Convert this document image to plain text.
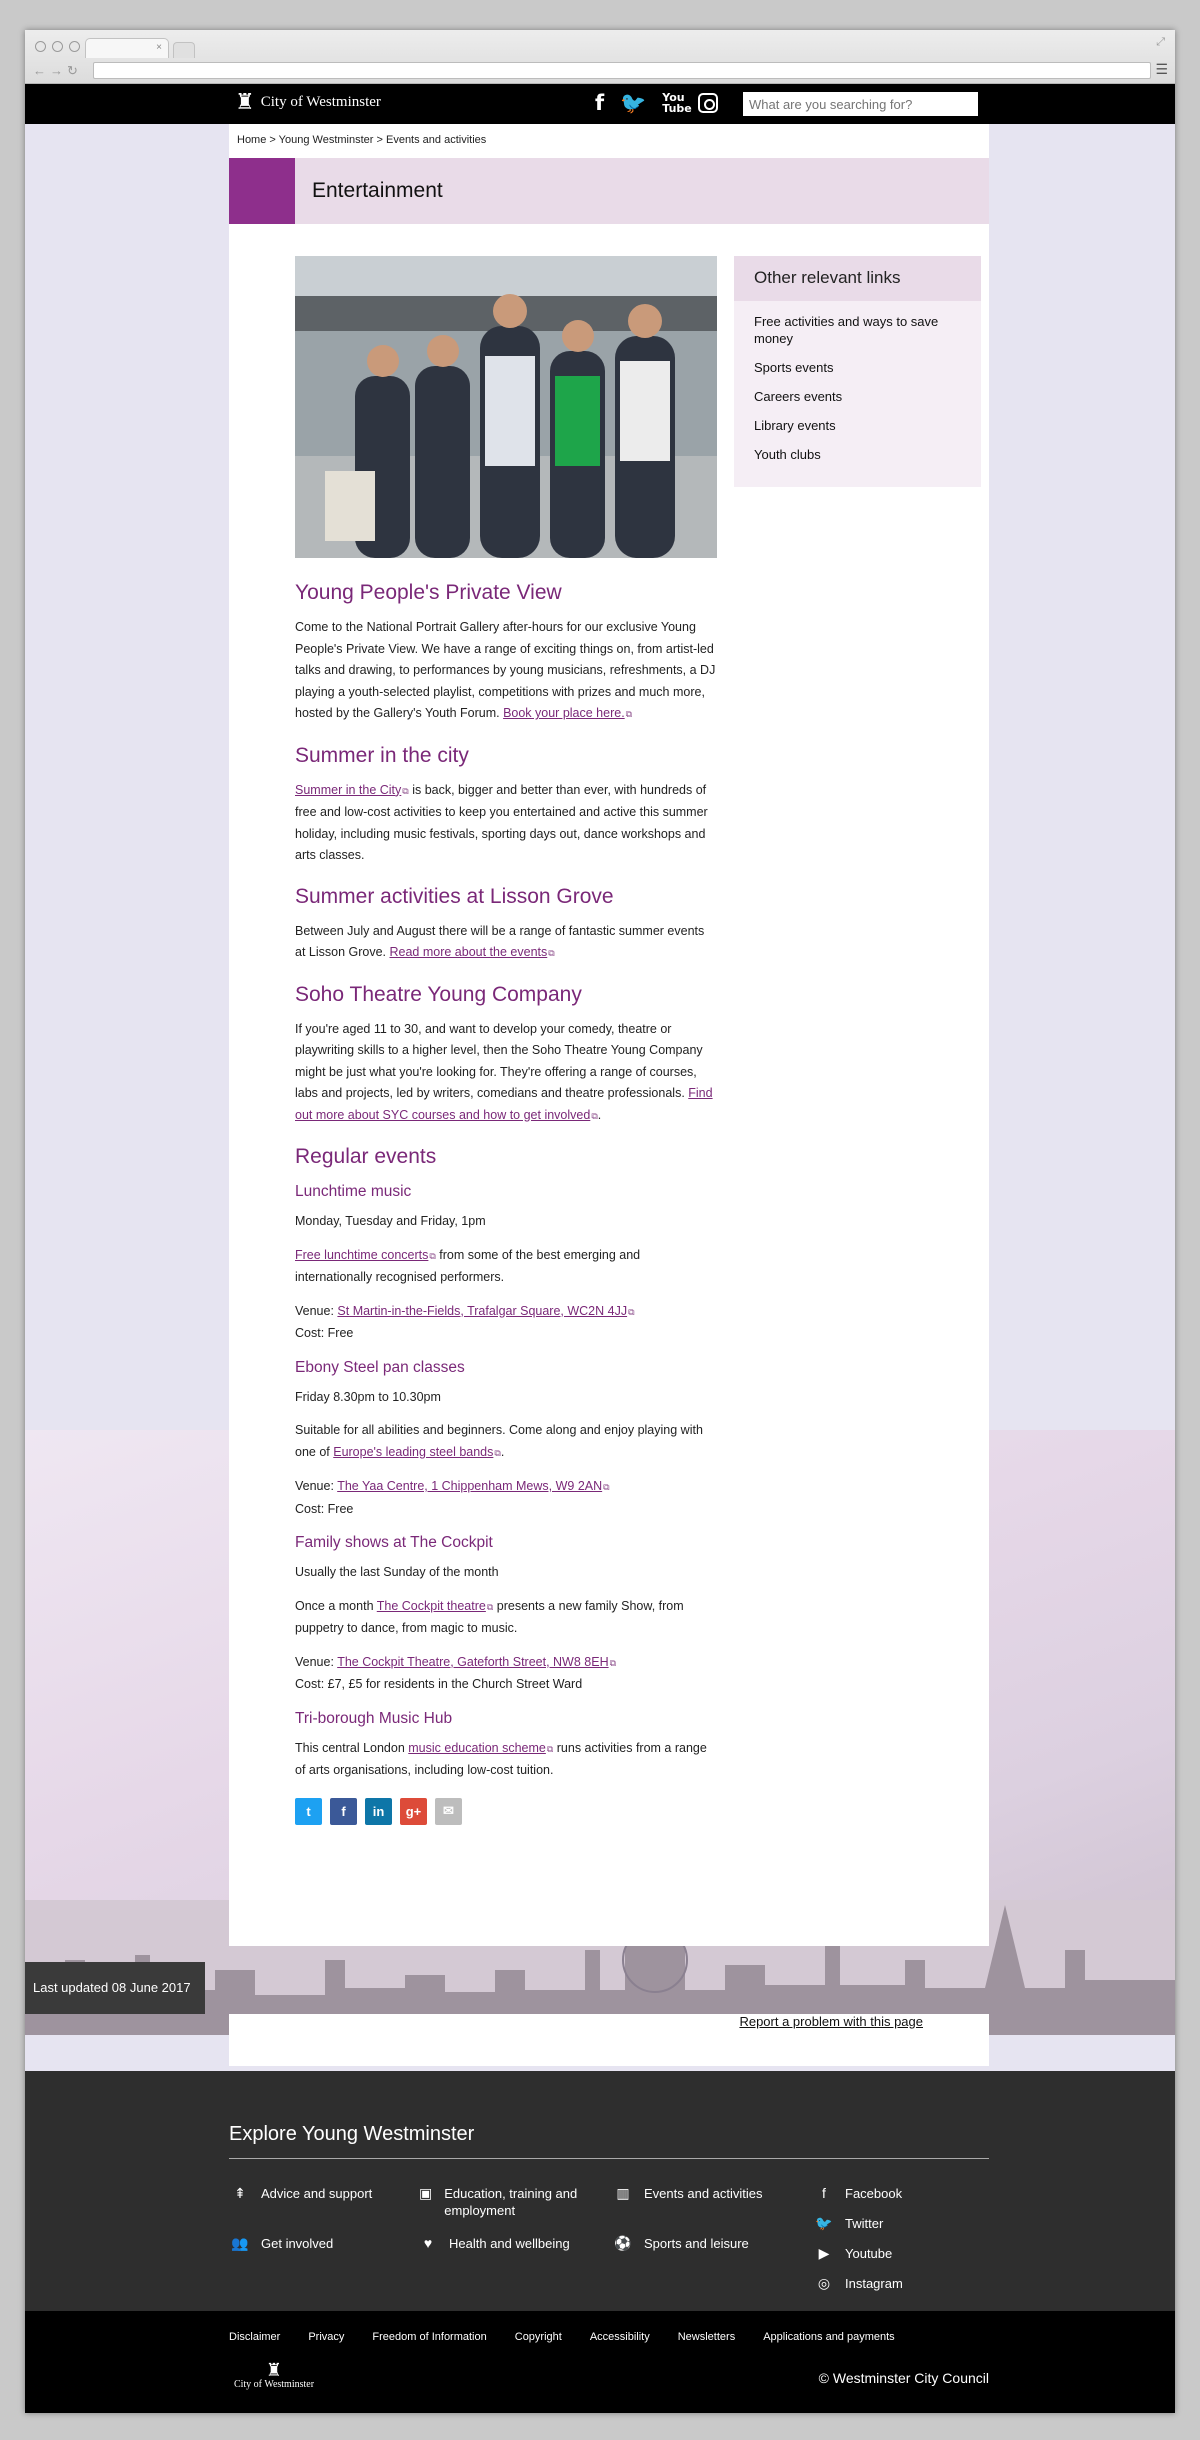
×	⤢
←→↻	☰
♜ City of Westminster	f 🐦 You Tube
What are you searching for?
Home > Young Westminster > Events and activities
Entertainment
Young People's Private View

Come to the National Portrait Gallery after-hours for our exclusive Young People's Private View. We have a range of exciting things on, from artist-led talks and drawing, to performances by young musicians, refreshments, a DJ playing a youth-selected playlist, competitions with prizes and much more, hosted by the Gallery's Youth Forum. Book your place here. ⧉

Summer in the city

Summer in the City ⧉ is back, bigger and better than ever, with hundreds of free and low-cost activities to keep you entertained and active this summer holiday, including music festivals, sporting days out, dance workshops and arts classes.

Summer activities at Lisson Grove

Between July and August there will be a range of fantastic summer events at Lisson Grove. Read more about the events ⧉

Soho Theatre Young Company

If you're aged 11 to 30, and want to develop your comedy, theatre or playwriting skills to a higher level, then the Soho Theatre Young Company might be just what you're looking for. They're offering a range of courses, labs and projects, led by writers, comedians and theatre professionals. Find out more about SYC courses and how to get involved ⧉ .

Regular events
Lunchtime music

Monday, Tuesday and Friday, 1pm

Free lunchtime concerts ⧉ from some of the best emerging and internationally recognised performers.

Venue: St Martin-in-the-Fields, Trafalgar Square, WC2N 4JJ ⧉

Cost: Free

Ebony Steel pan classes

Friday 8.30pm to 10.30pm

Suitable for all abilities and beginners. Come along and enjoy playing with one of Europe's leading steel bands ⧉ .

Venue: The Yaa Centre, 1 Chippenham Mews, W9 2AN ⧉

Cost: Free

Family shows at The Cockpit

Usually the last Sunday of the month

Once a month The Cockpit theatre ⧉ presents a new family Show, from puppetry to dance, from magic to music.

Venue: The Cockpit Theatre, Gateforth Street, NW8 8EH ⧉

Cost: £7, £5 for residents in the Church Street Ward

Tri-borough Music Hub

This central London music education scheme ⧉ runs activities from a range of arts organisations, including low-cost tuition.

t	f	in	g+	✉
Other relevant links
Free activities and ways to save money
Sports events
Careers events
Library events
Youth clubs
Last updated 08 June 2017
Report a problem with this page
Explore Young Westminster
⇞	Advice and support	▣ Education, training and employment
▥	Events and activities
👥 Get involved	♥	Health and wellbeing	⚽ Sports and leisure
f	Facebook
🐦 Twitter
▶	Youtube
◎	Instagram
Disclaimer	Privacy	Freedom of Information	Copyright	Accessibility	Newsletters	Applications and payments
♜
City of Westminster	© Westminster City Council
